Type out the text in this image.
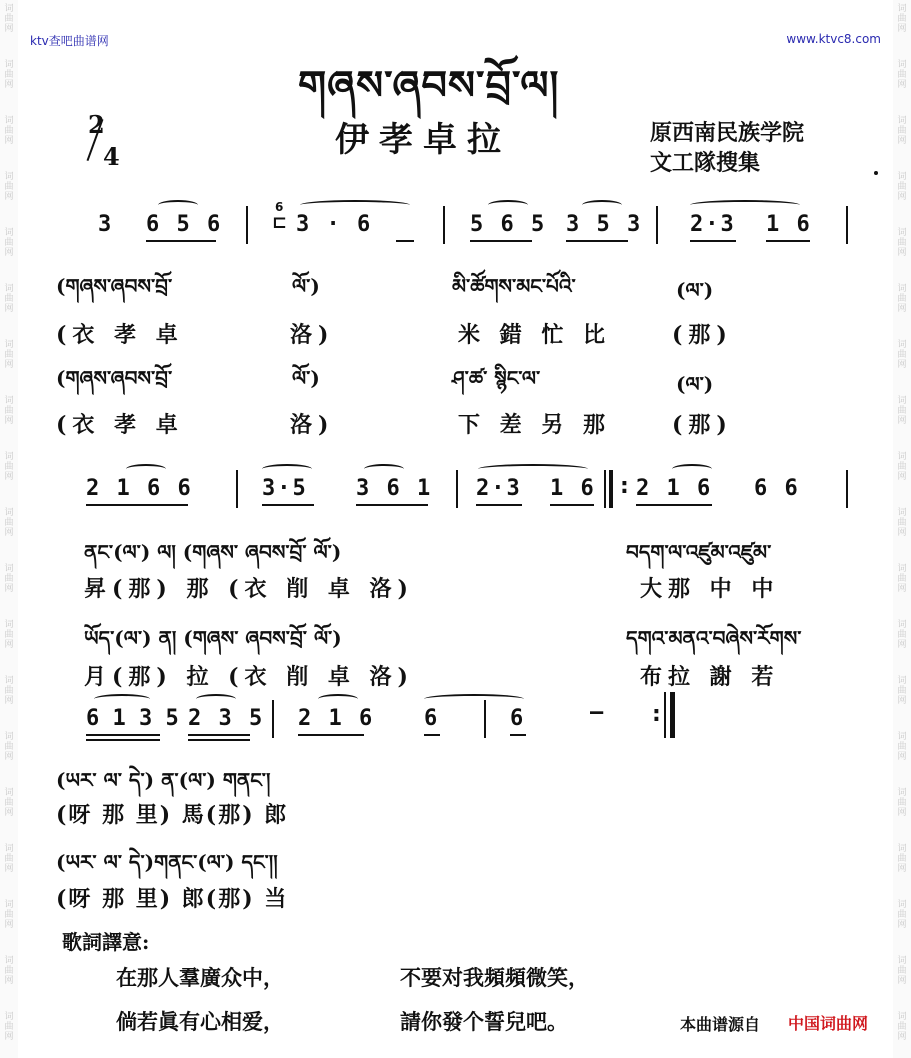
词
曲
网
词
曲
网
词
曲
网
词
曲
网
词
曲
网
词
曲
网
词
曲
网
词
曲
网
词
曲
网
词
曲
网
词
曲
网
词
曲
网
词
曲
网
词
曲
网
词
曲
网
词
曲
网
词
曲
网
词
曲
网
词
曲
网
词
曲
网
词
曲
网
词
曲
网
词
曲
网
词
曲
网
词
曲
网
词
曲
网
词
曲
网
词
曲
网
词
曲
网
词
曲
网
词
曲
网
词
曲
网
词
曲
网
词
曲
网
词
曲
网
词
曲
网
词
曲
网
词
曲
网
ktv查吧曲谱网	www.ktvc8.com
གཞས་ཞབས་བྲོ་ལ།
伊孝卓拉
2
4
原西南民族学院
文工隊搜集
3 6 5 6
6
⊏ 3 · 6	5 6 5 3 5 3 2·3 1 6
(གཞས་ཞབས་བྲོ་	ལོ་)	མི་ཚོགས་མང་པོའི་	(ལ་)
(衣 孝 卓	洛)	米 錯 忙 比	(那)
(གཞས་ཞབས་བྲོ་	ལོ་)	ཤ་ཚ་ སྙིང་ལ་	(ལ་)
(衣 孝 卓	洛)	下 差 另 那	(那)
2 1 6 6	3·5 3 6 1 2·3 1 6 : 2 1 6 6 6
ནང་(ལ་) ལ། (གཞས་ ཞབས་བྲོ་ ལོ་)	བདག་ལ་འཛུམ་འཛུམ་
昇(那) 那 (衣 削 卓 洛)	大那 中 中
ཡོད་(ལ་) ན། (གཞས་ ཞབས་བྲོ་ ལོ་)	དགའ་མནའ་བཞེས་རོགས་
月(那) 拉 (衣 削 卓 洛)	布拉 謝 若
6 1 3 5 2 3 5 2 1 6 6	6	— :
(ཡར་ ལ་ དེ་) ན་(ལ་) གནང་།
(呀 那 里) 馬(那) 郎
(ཡར་ ལ་ དེ་)གནང་(ལ་) དང་།།
(呀 那 里) 郎(那) 当
歌詞譯意:
在那人羣廣众中，	不要对我頻頻微笑，
倘若眞有心相爱，	請你發个誓兒吧。	本曲谱源自 中国词曲网
